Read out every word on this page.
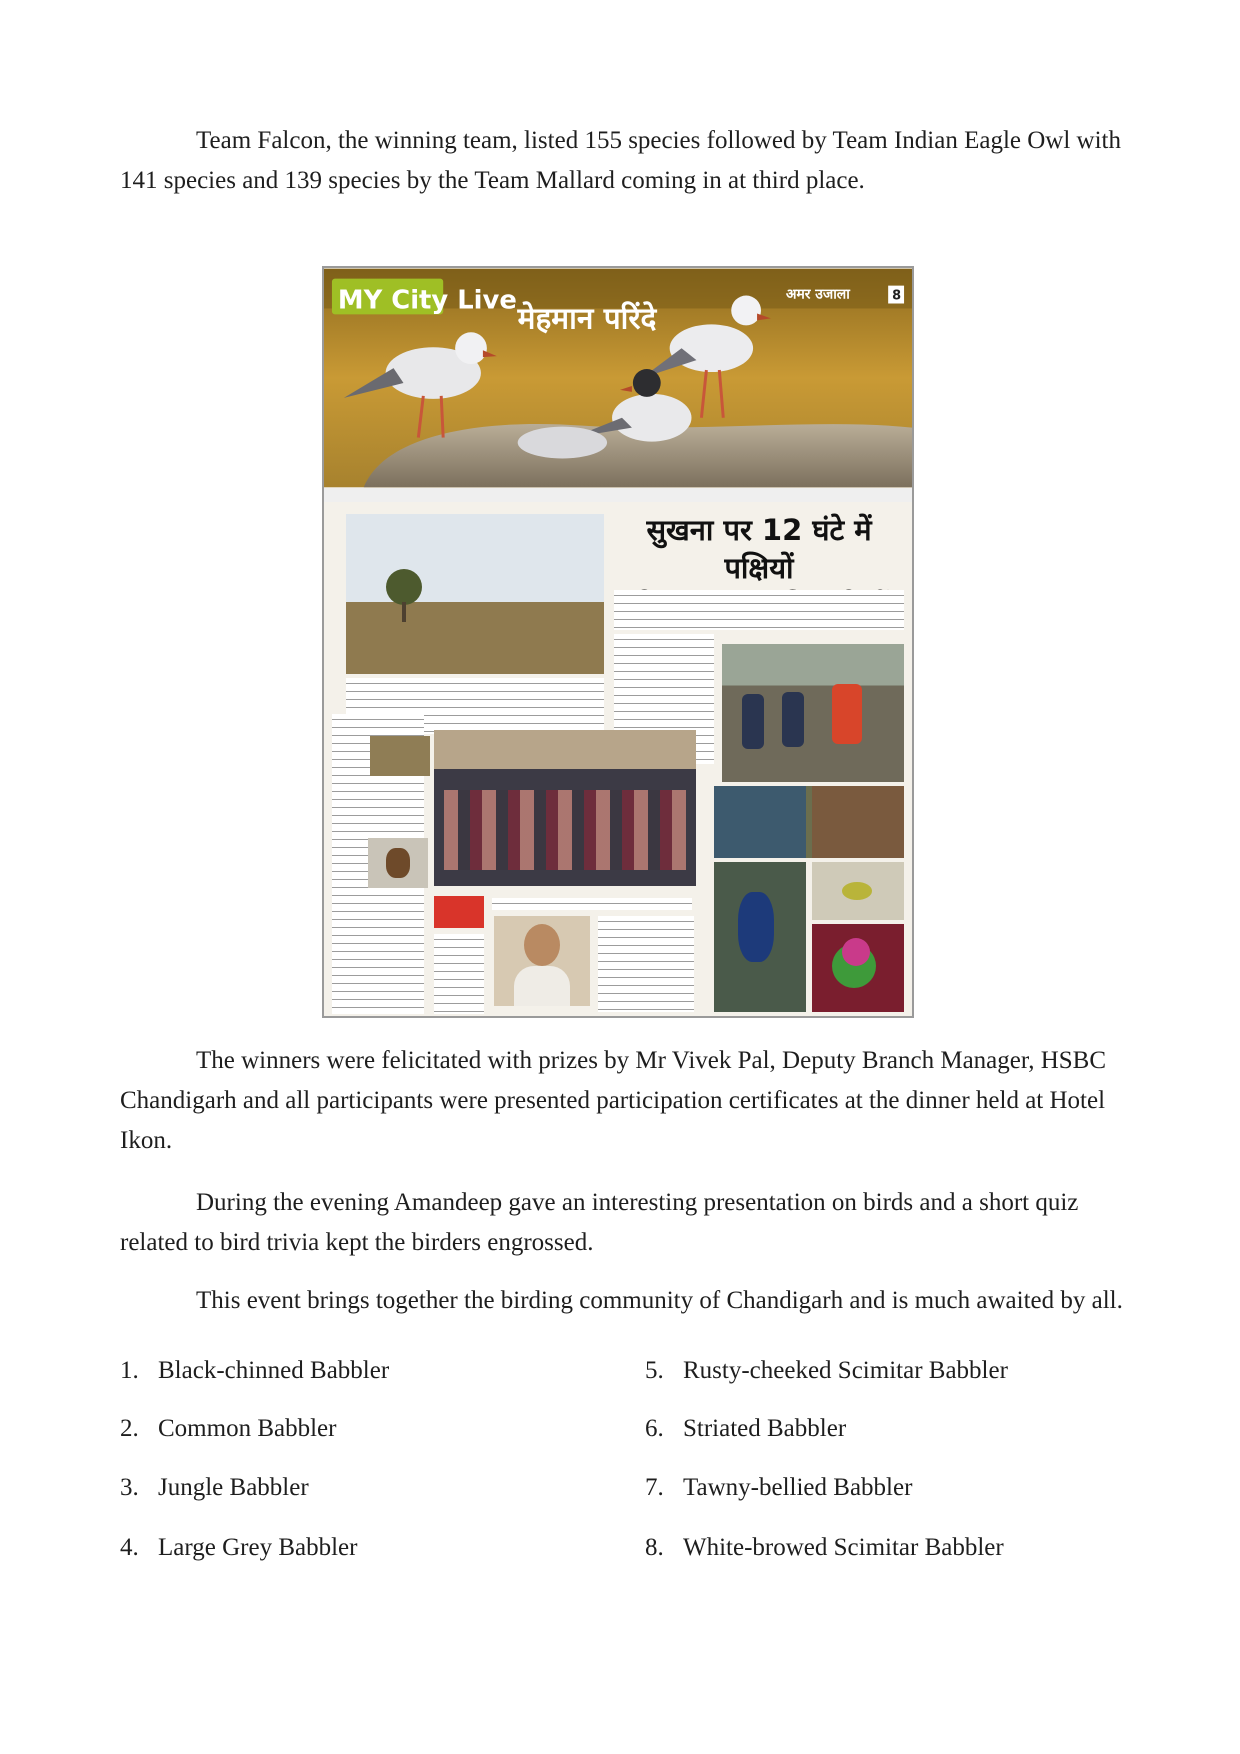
Team Falcon, the winning team, listed 155 species followed by Team Indian Eagle Owl with 141 species and 139 species by the Team Mallard coming in at third place.

MY City Live
मेहमान परिंदे
अमर उजाला	8
सुखना पर 12 घंटे में पक्षियों

The winners were felicitated with prizes by Mr Vivek Pal, Deputy Branch Manager, HSBC Chandigarh and all participants were presented participation certificates at the dinner held at Hotel Ikon.

During the evening Amandeep gave an interesting presentation on birds and a short quiz related to bird trivia kept the birders engrossed.

This event brings together the birding community of Chandigarh and is much awaited by all.

1. Black-chinned Babbler
2. Common Babbler
3. Jungle Babbler
4. Large Grey Babbler
5. Rusty-cheeked Scimitar Babbler
6. Striated Babbler
7. Tawny-bellied Babbler
8. White-browed Scimitar Babbler
